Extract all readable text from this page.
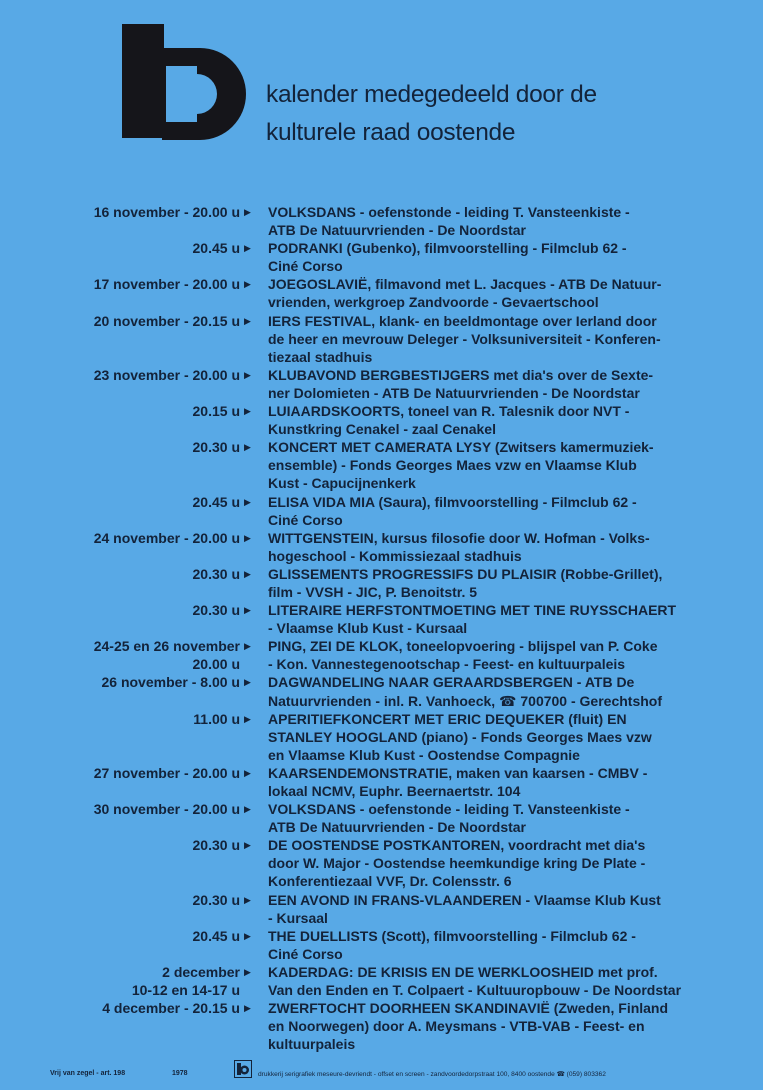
kalender medegedeeld door de
kulturele raad oostende
16 november - 20.00 u ▶	VOLKSDANS - oefenstonde - leiding T. Vansteenkiste -
ATB De Natuurvrienden - De Noordstar
20.45 u ▶	PODRANKI (Gubenko), filmvoorstelling - Filmclub 62 -
Ciné Corso
17 november - 20.00 u ▶	JOEGOSLAVIË, filmavond met L. Jacques - ATB De Natuur-
vrienden, werkgroep Zandvoorde - Gevaertschool
20 november - 20.15 u ▶	IERS FESTIVAL, klank- en beeldmontage over Ierland door
de heer en mevrouw Deleger - Volksuniversiteit - Konferen-
tiezaal stadhuis
23 november - 20.00 u ▶	KLUBAVOND BERGBESTIJGERS met dia's over de Sexte-
ner Dolomieten - ATB De Natuurvrienden - De Noordstar
20.15 u ▶	LUIAARDSKOORTS, toneel van R. Talesnik door NVT -
Kunstkring Cenakel - zaal Cenakel
20.30 u ▶	KONCERT MET CAMERATA LYSY (Zwitsers kamermuziek-
ensemble) - Fonds Georges Maes vzw en Vlaamse Klub
Kust - Capucijnenkerk
20.45 u ▶	ELISA VIDA MIA (Saura), filmvoorstelling - Filmclub 62 -
Ciné Corso
24 november - 20.00 u ▶	WITTGENSTEIN, kursus filosofie door W. Hofman - Volks-
hogeschool - Kommissiezaal stadhuis
20.30 u ▶	GLISSEMENTS PROGRESSIFS DU PLAISIR (Robbe-Grillet),
film - VVSH - JIC, P. Benoitstr. 5
20.30 u ▶	LITERAIRE HERFSTONTMOETING MET TINE RUYSSCHAERT
- Vlaamse Klub Kust - Kursaal
24-25 en 26 november
20.00 u
▶	PING, ZEI DE KLOK, toneelopvoering - blijspel van P. Coke
- Kon. Vannestegenootschap - Feest- en kultuurpaleis
26 november - 8.00 u ▶	DAGWANDELING NAAR GERAARDSBERGEN - ATB De
Natuurvrienden - inl. R. Vanhoeck, ☎ 700700 - Gerechtshof
11.00 u ▶	APERITIEFKONCERT MET ERIC DEQUEKER (fluit) EN
STANLEY HOOGLAND (piano) - Fonds Georges Maes vzw
en Vlaamse Klub Kust - Oostendse Compagnie
27 november - 20.00 u ▶	KAARSENDEMONSTRATIE, maken van kaarsen - CMBV -
lokaal NCMV, Euphr. Beernaertstr. 104
30 november - 20.00 u ▶	VOLKSDANS - oefenstonde - leiding T. Vansteenkiste -
ATB De Natuurvrienden - De Noordstar
20.30 u ▶	DE OOSTENDSE POSTKANTOREN, voordracht met dia's
door W. Major - Oostendse heemkundige kring De Plate -
Konferentiezaal VVF, Dr. Colensstr. 6
20.30 u ▶	EEN AVOND IN FRANS-VLAANDEREN - Vlaamse Klub Kust
- Kursaal
20.45 u ▶	THE DUELLISTS (Scott), filmvoorstelling - Filmclub 62 -
Ciné Corso
2 december
10-12 en 14-17 u
▶	KADERDAG: DE KRISIS EN DE WERKLOOSHEID met prof.
Van den Enden en T. Colpaert - Kultuuropbouw - De Noordstar
4 december - 20.15 u ▶	ZWERFTOCHT DOORHEEN SKANDINAVIË (Zweden, Finland
en Noorwegen) door A. Meysmans - VTB-VAB - Feest- en
kultuurpaleis
Vrij van zegel - art. 198	1978	drukkerij serigrafiek meseure-devriendt - offset en screen - zandvoordedorpstraat 100, 8400 oostende ☎ (059) 803362
